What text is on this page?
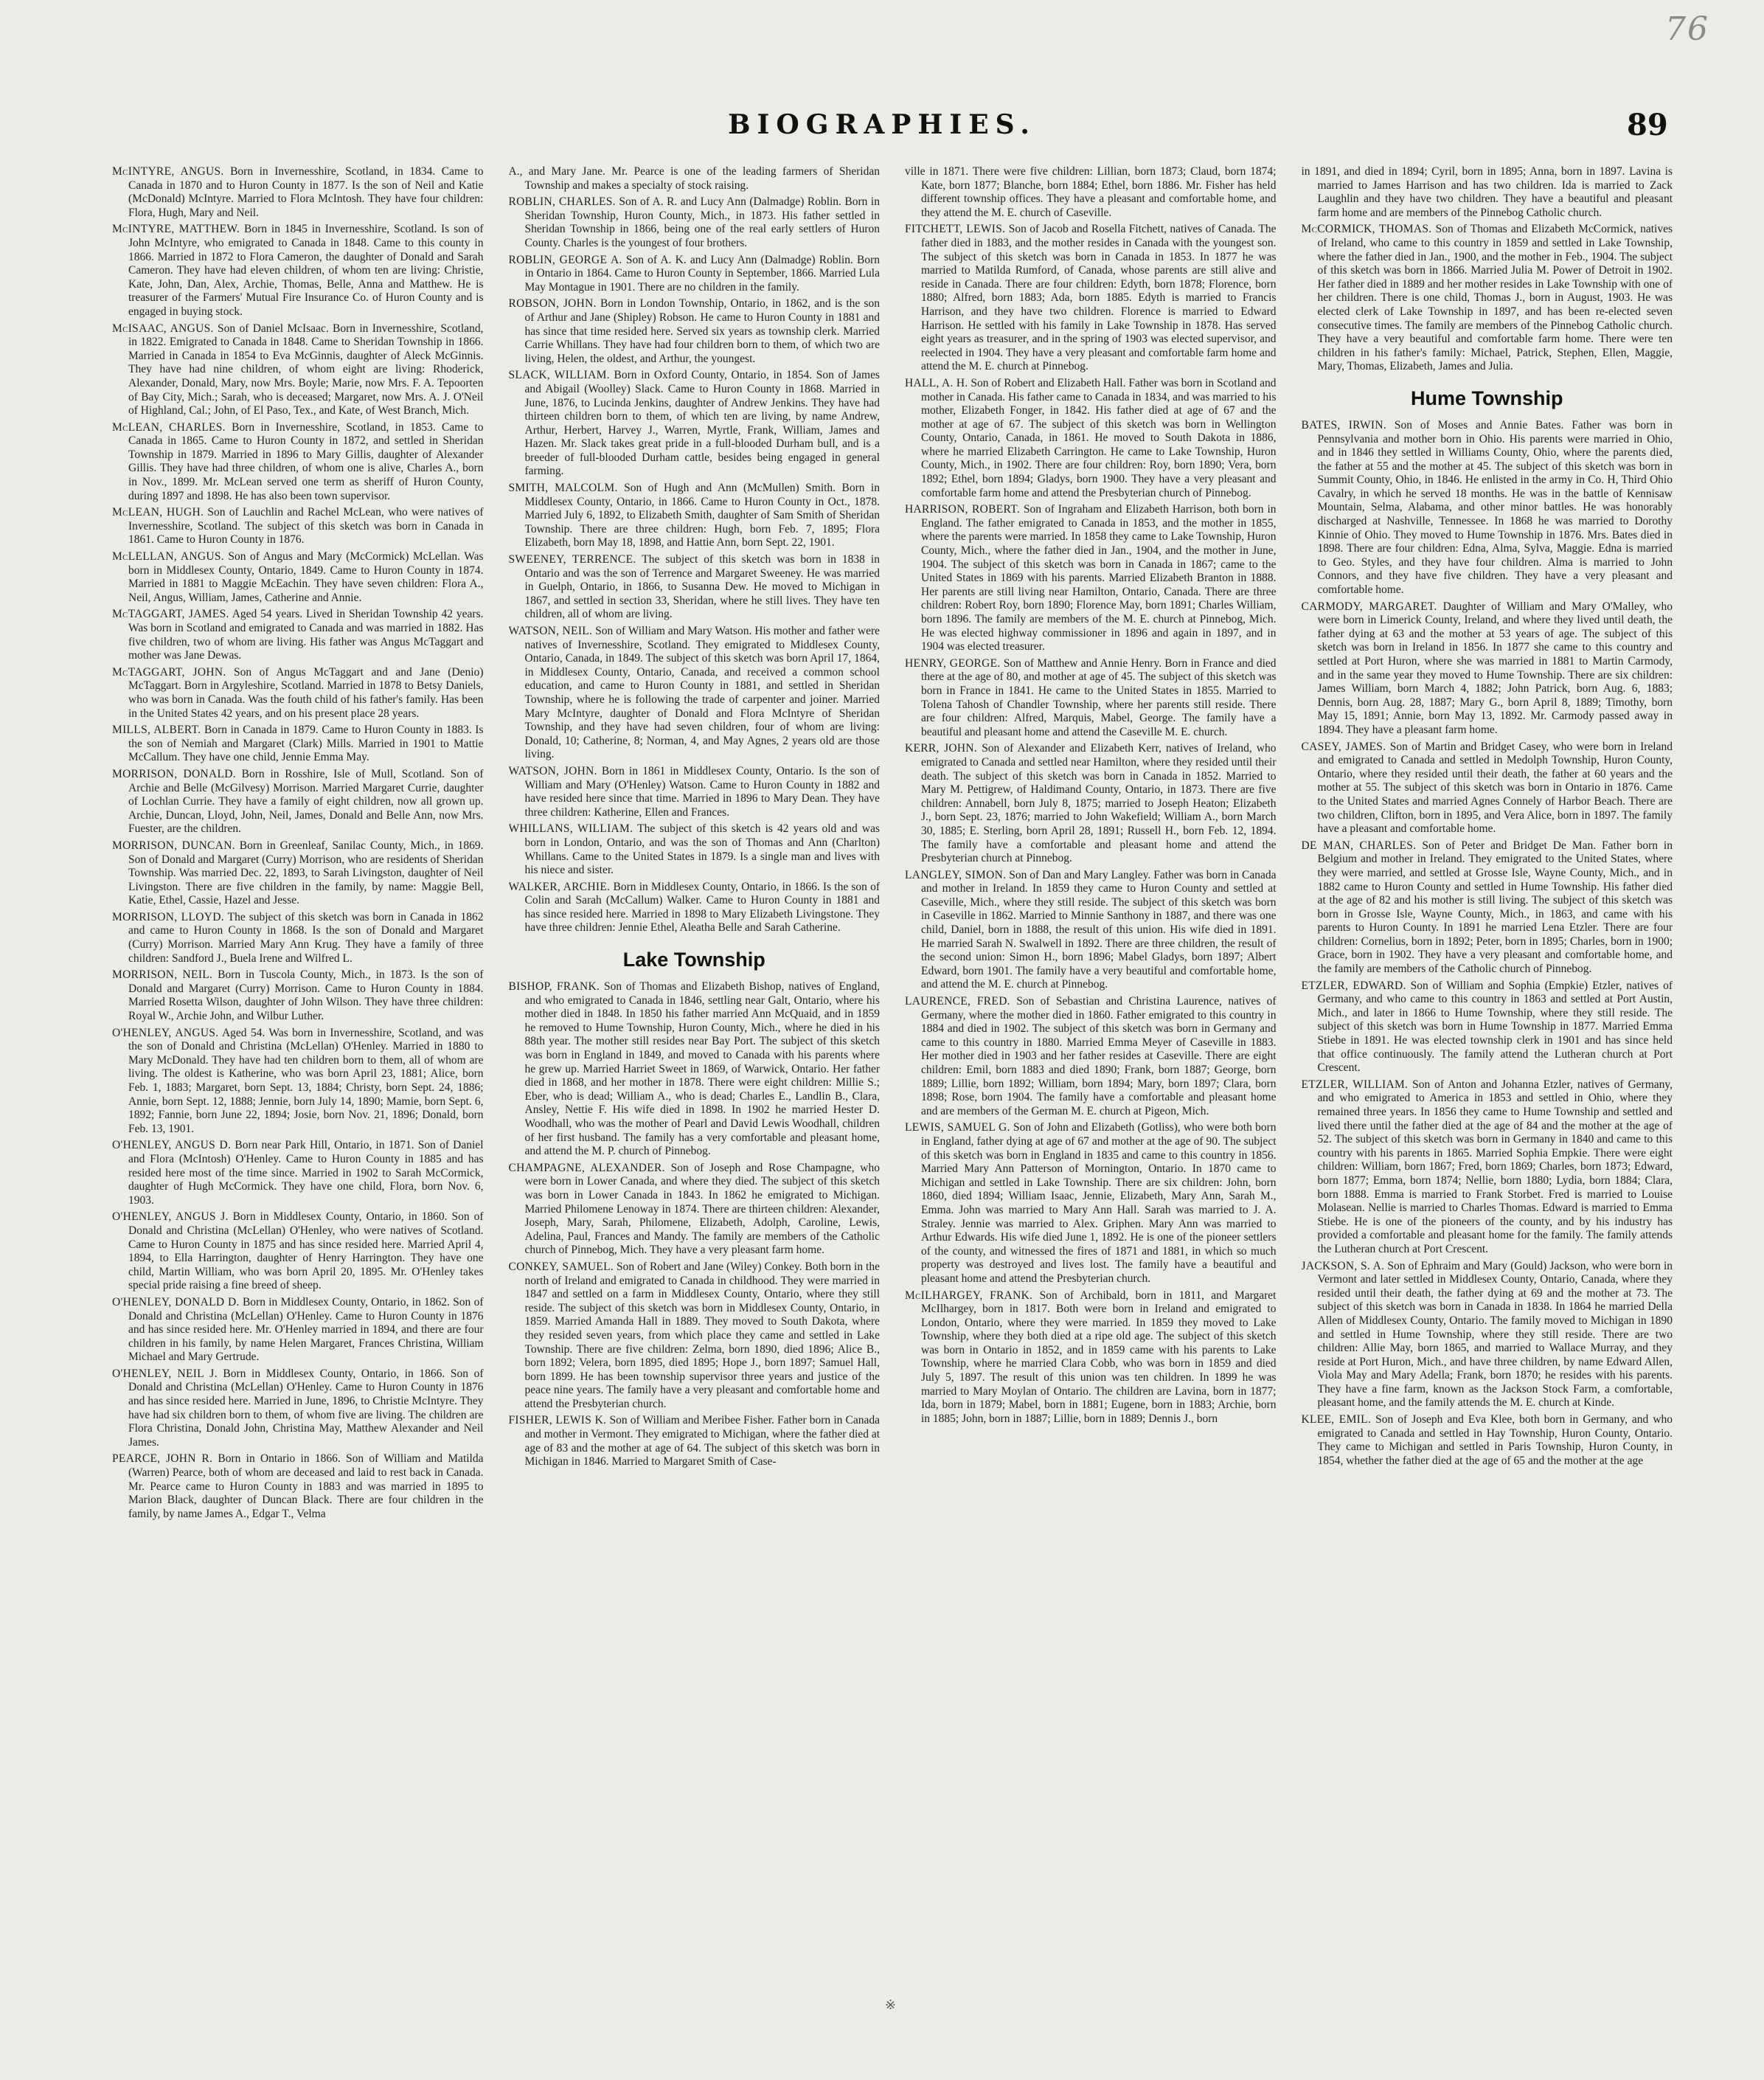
76
BIOGRAPHIES.	89

McINTYRE, ANGUS. Born in Invernesshire, Scotland, in 1834. Came to Canada in 1870 and to Huron County in 1877. Is the son of Neil and Katie (McDonald) McIntyre. Married to Flora McIntosh. They have four children: Flora, Hugh, Mary and Neil.

McINTYRE, MATTHEW. Born in 1845 in Invernesshire, Scotland. Is son of John McIntyre, who emigrated to Canada in 1848. Came to this county in 1866. Married in 1872 to Flora Cameron, the daughter of Donald and Sarah Cameron. They have had eleven children, of whom ten are living: Christie, Kate, John, Dan, Alex, Archie, Thomas, Belle, Anna and Matthew. He is treasurer of the Farmers' Mutual Fire Insurance Co. of Huron County and is engaged in buying stock.

McISAAC, ANGUS. Son of Daniel McIsaac. Born in Invernesshire, Scotland, in 1822. Emigrated to Canada in 1848. Came to Sheridan Township in 1866. Married in Canada in 1854 to Eva McGinnis, daughter of Aleck McGinnis. They have had nine children, of whom eight are living: Rhoderick, Alexander, Donald, Mary, now Mrs. Boyle; Marie, now Mrs. F. A. Tepoorten of Bay City, Mich.; Sarah, who is deceased; Margaret, now Mrs. A. J. O'Neil of Highland, Cal.; John, of El Paso, Tex., and Kate, of West Branch, Mich.

McLEAN, CHARLES. Born in Invernesshire, Scotland, in 1853. Came to Canada in 1865. Came to Huron County in 1872, and settled in Sheridan Township in 1879. Married in 1896 to Mary Gillis, daughter of Alexander Gillis. They have had three children, of whom one is alive, Charles A., born in Nov., 1899. Mr. McLean served one term as sheriff of Huron County, during 1897 and 1898. He has also been town supervisor.

McLEAN, HUGH. Son of Lauchlin and Rachel McLean, who were natives of Invernesshire, Scotland. The subject of this sketch was born in Canada in 1861. Came to Huron County in 1876.

McLELLAN, ANGUS. Son of Angus and Mary (McCormick) McLellan. Was born in Middlesex County, Ontario, 1849. Came to Huron County in 1874. Married in 1881 to Maggie McEachin. They have seven children: Flora A., Neil, Angus, William, James, Catherine and Annie.

McTAGGART, JAMES. Aged 54 years. Lived in Sheridan Township 42 years. Was born in Scotland and emigrated to Canada and was married in 1882. Has five children, two of whom are living. His father was Angus McTaggart and mother was Jane Dewas.

McTAGGART, JOHN. Son of Angus McTaggart and and Jane (Denio) McTaggart. Born in Argyleshire, Scotland. Married in 1878 to Betsy Daniels, who was born in Canada. Was the fouth child of his father's family. Has been in the United States 42 years, and on his present place 28 years.

MILLS, ALBERT. Born in Canada in 1879. Came to Huron County in 1883. Is the son of Nemiah and Margaret (Clark) Mills. Married in 1901 to Mattie McCallum. They have one child, Jennie Emma May.

MORRISON, DONALD. Born in Rosshire, Isle of Mull, Scotland. Son of Archie and Belle (McGilvesy) Morrison. Married Margaret Currie, daughter of Lochlan Currie. They have a family of eight children, now all grown up. Archie, Duncan, Lloyd, John, Neil, James, Donald and Belle Ann, now Mrs. Fuester, are the children.

MORRISON, DUNCAN. Born in Greenleaf, Sanilac County, Mich., in 1869. Son of Donald and Margaret (Curry) Morrison, who are residents of Sheridan Township. Was married Dec. 22, 1893, to Sarah Livingston, daughter of Neil Livingston. There are five children in the family, by name: Maggie Bell, Katie, Ethel, Cassie, Hazel and Jesse.

MORRISON, LLOYD. The subject of this sketch was born in Canada in 1862 and came to Huron County in 1868. Is the son of Donald and Margaret (Curry) Morrison. Married Mary Ann Krug. They have a family of three children: Sandford J., Buela Irene and Wilfred L.

MORRISON, NEIL. Born in Tuscola County, Mich., in 1873. Is the son of Donald and Margaret (Curry) Morrison. Came to Huron County in 1884. Married Rosetta Wilson, daughter of John Wilson. They have three children: Royal W., Archie John, and Wilbur Luther.

O'HENLEY, ANGUS. Aged 54. Was born in Invernesshire, Scotland, and was the son of Donald and Christina (McLellan) O'Henley. Married in 1880 to Mary McDonald. They have had ten children born to them, all of whom are living. The oldest is Katherine, who was born April 23, 1881; Alice, born Feb. 1, 1883; Margaret, born Sept. 13, 1884; Christy, born Sept. 24, 1886; Annie, born Sept. 12, 1888; Jennie, born July 14, 1890; Mamie, born Sept. 6, 1892; Fannie, born June 22, 1894; Josie, born Nov. 21, 1896; Donald, born Feb. 13, 1901.

O'HENLEY, ANGUS D. Born near Park Hill, Ontario, in 1871. Son of Daniel and Flora (McIntosh) O'Henley. Came to Huron County in 1885 and has resided here most of the time since. Married in 1902 to Sarah McCormick, daughter of Hugh McCormick. They have one child, Flora, born Nov. 6, 1903.

O'HENLEY, ANGUS J. Born in Middlesex County, Ontario, in 1860. Son of Donald and Christina (McLellan) O'Henley, who were natives of Scotland. Came to Huron County in 1875 and has since resided here. Married April 4, 1894, to Ella Harrington, daughter of Henry Harrington. They have one child, Martin William, who was born April 20, 1895. Mr. O'Henley takes special pride raising a fine breed of sheep.

O'HENLEY, DONALD D. Born in Middlesex County, Ontario, in 1862. Son of Donald and Christina (McLellan) O'Henley. Came to Huron County in 1876 and has since resided here. Mr. O'Henley married in 1894, and there are four children in his family, by name Helen Margaret, Frances Christina, William Michael and Mary Gertrude.

O'HENLEY, NEIL J. Born in Middlesex County, Ontario, in 1866. Son of Donald and Christina (McLellan) O'Henley. Came to Huron County in 1876 and has since resided here. Married in June, 1896, to Christie McIntyre. They have had six children born to them, of whom five are living. The children are Flora Christina, Donald John, Christina May, Matthew Alexander and Neil James.

PEARCE, JOHN R. Born in Ontario in 1866. Son of William and Matilda (Warren) Pearce, both of whom are deceased and laid to rest back in Canada. Mr. Pearce came to Huron County in 1883 and was married in 1895 to Marion Black, daughter of Duncan Black. There are four children in the family, by name James A., Edgar T., Velma

A., and Mary Jane. Mr. Pearce is one of the leading farmers of Sheridan Township and makes a specialty of stock raising.

ROBLIN, CHARLES. Son of A. R. and Lucy Ann (Dalmadge) Roblin. Born in Sheridan Township, Huron County, Mich., in 1873. His father settled in Sheridan Township in 1866, being one of the real early settlers of Huron County. Charles is the youngest of four brothers.

ROBLIN, GEORGE A. Son of A. K. and Lucy Ann (Dalmadge) Roblin. Born in Ontario in 1864. Came to Huron County in September, 1866. Married Lula May Montague in 1901. There are no children in the family.

ROBSON, JOHN. Born in London Township, Ontario, in 1862, and is the son of Arthur and Jane (Shipley) Robson. He came to Huron County in 1881 and has since that time resided here. Served six years as township clerk. Married Carrie Whillans. They have had four children born to them, of which two are living, Helen, the oldest, and Arthur, the youngest.

SLACK, WILLIAM. Born in Oxford County, Ontario, in 1854. Son of James and Abigail (Woolley) Slack. Came to Huron County in 1868. Married in June, 1876, to Lucinda Jenkins, daughter of Andrew Jenkins. They have had thirteen children born to them, of which ten are living, by name Andrew, Arthur, Herbert, Harvey J., Warren, Myrtle, Frank, William, James and Hazen. Mr. Slack takes great pride in a full-blooded Durham bull, and is a breeder of full-blooded Durham cattle, besides being engaged in general farming.

SMITH, MALCOLM. Son of Hugh and Ann (McMullen) Smith. Born in Middlesex County, Ontario, in 1866. Came to Huron County in Oct., 1878. Married July 6, 1892, to Elizabeth Smith, daughter of Sam Smith of Sheridan Township. There are three children: Hugh, born Feb. 7, 1895; Flora Elizabeth, born May 18, 1898, and Hattie Ann, born Sept. 22, 1901.

SWEENEY, TERRENCE. The subject of this sketch was born in 1838 in Ontario and was the son of Terrence and Margaret Sweeney. He was married in Guelph, Ontario, in 1866, to Susanna Dew. He moved to Michigan in 1867, and settled in section 33, Sheridan, where he still lives. They have ten children, all of whom are living.

WATSON, NEIL. Son of William and Mary Watson. His mother and father were natives of Invernesshire, Scotland. They emigrated to Middlesex County, Ontario, Canada, in 1849. The subject of this sketch was born April 17, 1864, in Middlesex County, Ontario, Canada, and received a common school education, and came to Huron County in 1881, and settled in Sheridan Township, where he is following the trade of carpenter and joiner. Married Mary McIntyre, daughter of Donald and Flora McIntyre of Sheridan Township, and they have had seven children, four of whom are living: Donald, 10; Catherine, 8; Norman, 4, and May Agnes, 2 years old are those living.

WATSON, JOHN. Born in 1861 in Middlesex County, Ontario. Is the son of William and Mary (O'Henley) Watson. Came to Huron County in 1882 and have resided here since that time. Married in 1896 to Mary Dean. They have three children: Katherine, Ellen and Frances.

WHILLANS, WILLIAM. The subject of this sketch is 42 years old and was born in London, Ontario, and was the son of Thomas and Ann (Charlton) Whillans. Came to the United States in 1879. Is a single man and lives with his niece and sister.

WALKER, ARCHIE. Born in Middlesex County, Ontario, in 1866. Is the son of Colin and Sarah (McCallum) Walker. Came to Huron County in 1881 and has since resided here. Married in 1898 to Mary Elizabeth Livingstone. They have three children: Jennie Ethel, Aleatha Belle and Sarah Catherine.

Lake Township

BISHOP, FRANK. Son of Thomas and Elizabeth Bishop, natives of England, and who emigrated to Canada in 1846, settling near Galt, Ontario, where his mother died in 1848. In 1850 his father married Ann McQuaid, and in 1859 he removed to Hume Township, Huron County, Mich., where he died in his 88th year. The mother still resides near Bay Port. The subject of this sketch was born in England in 1849, and moved to Canada with his parents where he grew up. Married Harriet Sweet in 1869, of Warwick, Ontario. Her father died in 1868, and her mother in 1878. There were eight children: Millie S.; Eber, who is dead; William A., who is dead; Charles E., Landlin B., Clara, Ansley, Nettie F. His wife died in 1898. In 1902 he married Hester D. Woodhall, who was the mother of Pearl and David Lewis Woodhall, children of her first husband. The family has a very comfortable and pleasant home, and attend the M. P. church of Pinnebog.

CHAMPAGNE, ALEXANDER. Son of Joseph and Rose Champagne, who were born in Lower Canada, and where they died. The subject of this sketch was born in Lower Canada in 1843. In 1862 he emigrated to Michigan. Married Philomene Lenoway in 1874. There are thirteen children: Alexander, Joseph, Mary, Sarah, Philomene, Elizabeth, Adolph, Caroline, Lewis, Adelina, Paul, Frances and Mandy. The family are members of the Catholic church of Pinnebog, Mich. They have a very pleasant farm home.

CONKEY, SAMUEL. Son of Robert and Jane (Wiley) Conkey. Both born in the north of Ireland and emigrated to Canada in childhood. They were married in 1847 and settled on a farm in Middlesex County, Ontario, where they still reside. The subject of this sketch was born in Middlesex County, Ontario, in 1859. Married Amanda Hall in 1889. They moved to South Dakota, where they resided seven years, from which place they came and settled in Lake Township. There are five children: Zelma, born 1890, died 1896; Alice B., born 1892; Velera, born 1895, died 1895; Hope J., born 1897; Samuel Hall, born 1899. He has been township supervisor three years and justice of the peace nine years. The family have a very pleasant and comfortable home and attend the Presbyterian church.

FISHER, LEWIS K. Son of William and Meribee Fisher. Father born in Canada and mother in Vermont. They emigrated to Michigan, where the father died at age of 83 and the mother at age of 64. The subject of this sketch was born in Michigan in 1846. Married to Margaret Smith of Case-

ville in 1871. There were five children: Lillian, born 1873; Claud, born 1874; Kate, born 1877; Blanche, born 1884; Ethel, born 1886. Mr. Fisher has held different township offices. They have a pleasant and comfortable home, and they attend the M. E. church of Caseville.

FITCHETT, LEWIS. Son of Jacob and Rosella Fitchett, natives of Canada. The father died in 1883, and the mother resides in Canada with the youngest son. The subject of this sketch was born in Canada in 1853. In 1877 he was married to Matilda Rumford, of Canada, whose parents are still alive and reside in Canada. There are four children: Edyth, born 1878; Florence, born 1880; Alfred, born 1883; Ada, born 1885. Edyth is married to Francis Harrison, and they have two children. Florence is married to Edward Harrison. He settled with his family in Lake Township in 1878. Has served eight years as treasurer, and in the spring of 1903 was elected supervisor, and reelected in 1904. They have a very pleasant and comfortable farm home and attend the M. E. church at Pinnebog.

HALL, A. H. Son of Robert and Elizabeth Hall. Father was born in Scotland and mother in Canada. His father came to Canada in 1834, and was married to his mother, Elizabeth Fonger, in 1842. His father died at age of 67 and the mother at age of 67. The subject of this sketch was born in Wellington County, Ontario, Canada, in 1861. He moved to South Dakota in 1886, where he married Elizabeth Carrington. He came to Lake Township, Huron County, Mich., in 1902. There are four children: Roy, born 1890; Vera, born 1892; Ethel, born 1894; Gladys, born 1900. They have a very pleasant and comfortable farm home and attend the Presbyterian church of Pinnebog.

HARRISON, ROBERT. Son of Ingraham and Elizabeth Harrison, both born in England. The father emigrated to Canada in 1853, and the mother in 1855, where the parents were married. In 1858 they came to Lake Township, Huron County, Mich., where the father died in Jan., 1904, and the mother in June, 1904. The subject of this sketch was born in Canada in 1867; came to the United States in 1869 with his parents. Married Elizabeth Branton in 1888. Her parents are still living near Hamilton, Ontario, Canada. There are three children: Robert Roy, born 1890; Florence May, born 1891; Charles William, born 1896. The family are members of the M. E. church at Pinnebog, Mich. He was elected highway commissioner in 1896 and again in 1897, and in 1904 was elected treasurer.

HENRY, GEORGE. Son of Matthew and Annie Henry. Born in France and died there at the age of 80, and mother at age of 45. The subject of this sketch was born in France in 1841. He came to the United States in 1855. Married to Tolena Tahosh of Chandler Township, where her parents still reside. There are four children: Alfred, Marquis, Mabel, George. The family have a beautiful and pleasant home and attend the Caseville M. E. church.

KERR, JOHN. Son of Alexander and Elizabeth Kerr, natives of Ireland, who emigrated to Canada and settled near Hamilton, where they resided until their death. The subject of this sketch was born in Canada in 1852. Married to Mary M. Pettigrew, of Haldimand County, Ontario, in 1873. There are five children: Annabell, born July 8, 1875; married to Joseph Heaton; Elizabeth J., born Sept. 23, 1876; married to John Wakefield; William A., born March 30, 1885; E. Sterling, born April 28, 1891; Russell H., born Feb. 12, 1894. The family have a comfortable and pleasant home and attend the Presbyterian church at Pinnebog.

LANGLEY, SIMON. Son of Dan and Mary Langley. Father was born in Canada and mother in Ireland. In 1859 they came to Huron County and settled at Caseville, Mich., where they still reside. The subject of this sketch was born in Caseville in 1862. Married to Minnie Santhony in 1887, and there was one child, Daniel, born in 1888, the result of this union. His wife died in 1891. He married Sarah N. Swalwell in 1892. There are three children, the result of the second union: Simon H., born 1896; Mabel Gladys, born 1897; Albert Edward, born 1901. The family have a very beautiful and comfortable home, and attend the M. E. church at Pinnebog.

LAURENCE, FRED. Son of Sebastian and Christina Laurence, natives of Germany, where the mother died in 1860. Father emigrated to this country in 1884 and died in 1902. The subject of this sketch was born in Germany and came to this country in 1880. Married Emma Meyer of Caseville in 1883. Her mother died in 1903 and her father resides at Caseville. There are eight children: Emil, born 1883 and died 1890; Frank, born 1887; George, born 1889; Lillie, born 1892; William, born 1894; Mary, born 1897; Clara, born 1898; Rose, born 1904. The family have a comfortable and pleasant home and are members of the German M. E. church at Pigeon, Mich.

LEWIS, SAMUEL G. Son of John and Elizabeth (Gotliss), who were both born in England, father dying at age of 67 and mother at the age of 90. The subject of this sketch was born in England in 1835 and came to this country in 1856. Married Mary Ann Patterson of Mornington, Ontario. In 1870 came to Michigan and settled in Lake Township. There are six children: John, born 1860, died 1894; William Isaac, Jennie, Elizabeth, Mary Ann, Sarah M., Emma. John was married to Mary Ann Hall. Sarah was married to J. A. Straley. Jennie was married to Alex. Griphen. Mary Ann was married to Arthur Edwards. His wife died June 1, 1892. He is one of the pioneer settlers of the county, and witnessed the fires of 1871 and 1881, in which so much property was destroyed and lives lost. The family have a beautiful and pleasant home and attend the Presbyterian church.

McILHARGEY, FRANK. Son of Archibald, born in 1811, and Margaret McIlhargey, born in 1817. Both were born in Ireland and emigrated to London, Ontario, where they were married. In 1859 they moved to Lake Township, where they both died at a ripe old age. The subject of this sketch was born in Ontario in 1852, and in 1859 came with his parents to Lake Township, where he married Clara Cobb, who was born in 1859 and died July 5, 1897. The result of this union was ten children. In 1899 he was married to Mary Moylan of Ontario. The children are Lavina, born in 1877; Ida, born in 1879; Mabel, born in 1881; Eugene, born in 1883; Archie, born in 1885; John, born in 1887; Lillie, born in 1889; Dennis J., born

in 1891, and died in 1894; Cyril, born in 1895; Anna, born in 1897. Lavina is married to James Harrison and has two children. Ida is married to Zack Laughlin and they have two children. They have a beautiful and pleasant farm home and are members of the Pinnebog Catholic church.

McCORMICK, THOMAS. Son of Thomas and Elizabeth McCormick, natives of Ireland, who came to this country in 1859 and settled in Lake Township, where the father died in Jan., 1900, and the mother in Feb., 1904. The subject of this sketch was born in 1866. Married Julia M. Power of Detroit in 1902. Her father died in 1889 and her mother resides in Lake Township with one of her children. There is one child, Thomas J., born in August, 1903. He was elected clerk of Lake Township in 1897, and has been re-elected seven consecutive times. The family are members of the Pinnebog Catholic church. They have a very beautiful and comfortable farm home. There were ten children in his father's family: Michael, Patrick, Stephen, Ellen, Maggie, Mary, Thomas, Elizabeth, James and Julia.

Hume Township

BATES, IRWIN. Son of Moses and Annie Bates. Father was born in Pennsylvania and mother born in Ohio. His parents were married in Ohio, and in 1846 they settled in Williams County, Ohio, where the parents died, the father at 55 and the mother at 45. The subject of this sketch was born in Summit County, Ohio, in 1846. He enlisted in the army in Co. H, Third Ohio Cavalry, in which he served 18 months. He was in the battle of Kennisaw Mountain, Selma, Alabama, and other minor battles. He was honorably discharged at Nashville, Tennessee. In 1868 he was married to Dorothy Kinnie of Ohio. They moved to Hume Township in 1876. Mrs. Bates died in 1898. There are four children: Edna, Alma, Sylva, Maggie. Edna is married to Geo. Styles, and they have four children. Alma is married to John Connors, and they have five children. They have a very pleasant and comfortable home.

CARMODY, MARGARET. Daughter of William and Mary O'Malley, who were born in Limerick County, Ireland, and where they lived until death, the father dying at 63 and the mother at 53 years of age. The subject of this sketch was born in Ireland in 1856. In 1877 she came to this country and settled at Port Huron, where she was married in 1881 to Martin Carmody, and in the same year they moved to Hume Township. There are six children: James William, born March 4, 1882; John Patrick, born Aug. 6, 1883; Dennis, born Aug. 28, 1887; Mary G., born April 8, 1889; Timothy, born May 15, 1891; Annie, born May 13, 1892. Mr. Carmody passed away in 1894. They have a pleasant farm home.

CASEY, JAMES. Son of Martin and Bridget Casey, who were born in Ireland and emigrated to Canada and settled in Medolph Township, Huron County, Ontario, where they resided until their death, the father at 60 years and the mother at 55. The subject of this sketch was born in Ontario in 1876. Came to the United States and married Agnes Connely of Harbor Beach. There are two children, Clifton, born in 1895, and Vera Alice, born in 1897. The family have a pleasant and comfortable home.

DE MAN, CHARLES. Son of Peter and Bridget De Man. Father born in Belgium and mother in Ireland. They emigrated to the United States, where they were married, and settled at Grosse Isle, Wayne County, Mich., and in 1882 came to Huron County and settled in Hume Township. His father died at the age of 82 and his mother is still living. The subject of this sketch was born in Grosse Isle, Wayne County, Mich., in 1863, and came with his parents to Huron County. In 1891 he married Lena Etzler. There are four children: Cornelius, born in 1892; Peter, born in 1895; Charles, born in 1900; Grace, born in 1902. They have a very pleasant and comfortable home, and the family are members of the Catholic church of Pinnebog.

ETZLER, EDWARD. Son of William and Sophia (Empkie) Etzler, natives of Germany, and who came to this country in 1863 and settled at Port Austin, Mich., and later in 1866 to Hume Township, where they still reside. The subject of this sketch was born in Hume Township in 1877. Married Emma Stiebe in 1891. He was elected township clerk in 1901 and has since held that office continuously. The family attend the Lutheran church at Port Crescent.

ETZLER, WILLIAM. Son of Anton and Johanna Etzler, natives of Germany, and who emigrated to America in 1853 and settled in Ohio, where they remained three years. In 1856 they came to Hume Township and settled and lived there until the father died at the age of 84 and the mother at the age of 52. The subject of this sketch was born in Germany in 1840 and came to this country with his parents in 1865. Married Sophia Empkie. There were eight children: William, born 1867; Fred, born 1869; Charles, born 1873; Edward, born 1877; Emma, born 1874; Nellie, born 1880; Lydia, born 1884; Clara, born 1888. Emma is married to Frank Storbet. Fred is married to Louise Molasean. Nellie is married to Charles Thomas. Edward is married to Emma Stiebe. He is one of the pioneers of the county, and by his industry has provided a comfortable and pleasant home for the family. The family attends the Lutheran church at Port Crescent.

JACKSON, S. A. Son of Ephraim and Mary (Gould) Jackson, who were born in Vermont and later settled in Middlesex County, Ontario, Canada, where they resided until their death, the father dying at 69 and the mother at 73. The subject of this sketch was born in Canada in 1838. In 1864 he married Della Allen of Middlesex County, Ontario. The family moved to Michigan in 1890 and settled in Hume Township, where they still reside. There are two children: Allie May, born 1865, and married to Wallace Murray, and they reside at Port Huron, Mich., and have three children, by name Edward Allen, Viola May and Mary Adella; Frank, born 1870; he resides with his parents. They have a fine farm, known as the Jackson Stock Farm, a comfortable, pleasant home, and the family attends the M. E. church at Kinde.

KLEE, EMIL. Son of Joseph and Eva Klee, both born in Germany, and who emigrated to Canada and settled in Hay Township, Huron County, Ontario. They came to Michigan and settled in Paris Township, Huron County, in 1854, whether the father died at the age of 65 and the mother at the age

※
